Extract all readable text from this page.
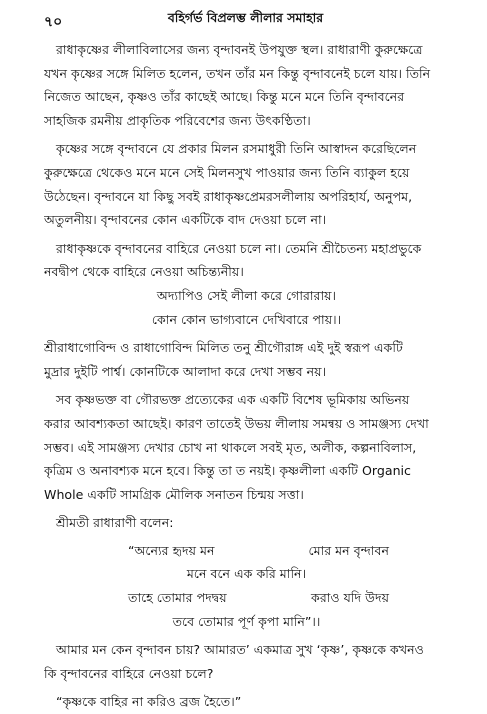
৭০	বহির্গর্ভ বিপ্রলম্ভ লীলার সমাহার

রাধাকৃষ্ণের লীলাবিলাসের জন্য বৃন্দাবনই উপযুক্ত স্থল। রাধারাণী কুরুক্ষেত্রে

যখন কৃষ্ণের সঙ্গে মিলিত হলেন, তখন তাঁর মন কিন্তু বৃন্দাবনেই চলে যায়। তিনি

নিজেত আছেন, কৃষ্ণও তাঁর কাছেই আছে। কিন্তু মনে মনে তিনি বৃন্দাবনের

সাহজিক রমনীয় প্রাকৃতিক পরিবেশের জন্য উৎকণ্ঠিতা।

কৃষ্ণের সঙ্গে বৃন্দাবনে যে প্রকার মিলন রসমাধুরী তিনি আস্বাদন করেছিলেন

কুরুক্ষেত্রে থেকেও মনে মনে সেই মিলনসুখ পাওয়ার জন্য তিনি ব্যাকুল হয়ে

উঠেছেন। বৃন্দাবনে যা কিছু সবই রাধাকৃষ্ণপ্রেমরসলীলায় অপরিহার্য, অনুপম,

অতুলনীয়। বৃন্দাবনের কোন একটিকে বাদ দেওয়া চলে না।

রাধাকৃষ্ণকে বৃন্দাবনের বাহিরে নেওয়া চলে না। তেমনি শ্রীচৈতন্য মহাপ্রভুকে

নবদ্বীপ থেকে বাহিরে নেওয়া অচিন্ত্যনীয়।

অদ্যাপিও সেই লীলা করে গোরারায়।

কোন কোন ভাগ্যবানে দেখিবারে পায়।।

শ্রীরাধাগোবিন্দ ও রাধাগোবিন্দ মিলিত তনু শ্রীগৌরাঙ্গ এই দুই স্বরূপ একটি

মুদ্রার দুইটি পার্শ্ব। কোনটিকে আলাদা করে দেখা সম্ভব নয়।

সব কৃষ্ণভক্ত বা গৌরভক্ত প্রত্যেকের এক একটি বিশেষ ভূমিকায় অভিনয়

করার আবশ্যকতা আছেই। কারণ তাতেই উভয় লীলায় সমন্বয় ও সামঞ্জস্য দেখা

সম্ভব। এই সামঞ্জস্য দেখার চোখ না থাকলে সবই মৃত, অলীক, কল্পনাবিলাস,

কৃত্রিম ও অনাবশ্যক মনে হবে। কিন্তু তা ত নয়ই। কৃষ্ণলীলা একটি Organic

Whole একটি সামগ্রিক মৌলিক সনাতন চিন্ময় সত্তা।

শ্রীমতী রাধারাণী বলেন:

“অন্যের হৃদয় মন	মোর মন বৃন্দাবন

মনে বনে এক করি মানি।

তাহে তোমার পদদ্বয়	করাও যদি উদয়

তবে তোমার পূর্ণ কৃপা মানি”।।

আমার মন কেন বৃন্দাবন চায়? আমারত’ একমাত্র সুখ ‘কৃষ্ণ’, কৃষ্ণকে কখনও

কি বৃন্দাবনের বাহিরে নেওয়া চলে?

“কৃষ্ণকে বাহির না করিও ব্রজ হৈতে।”
